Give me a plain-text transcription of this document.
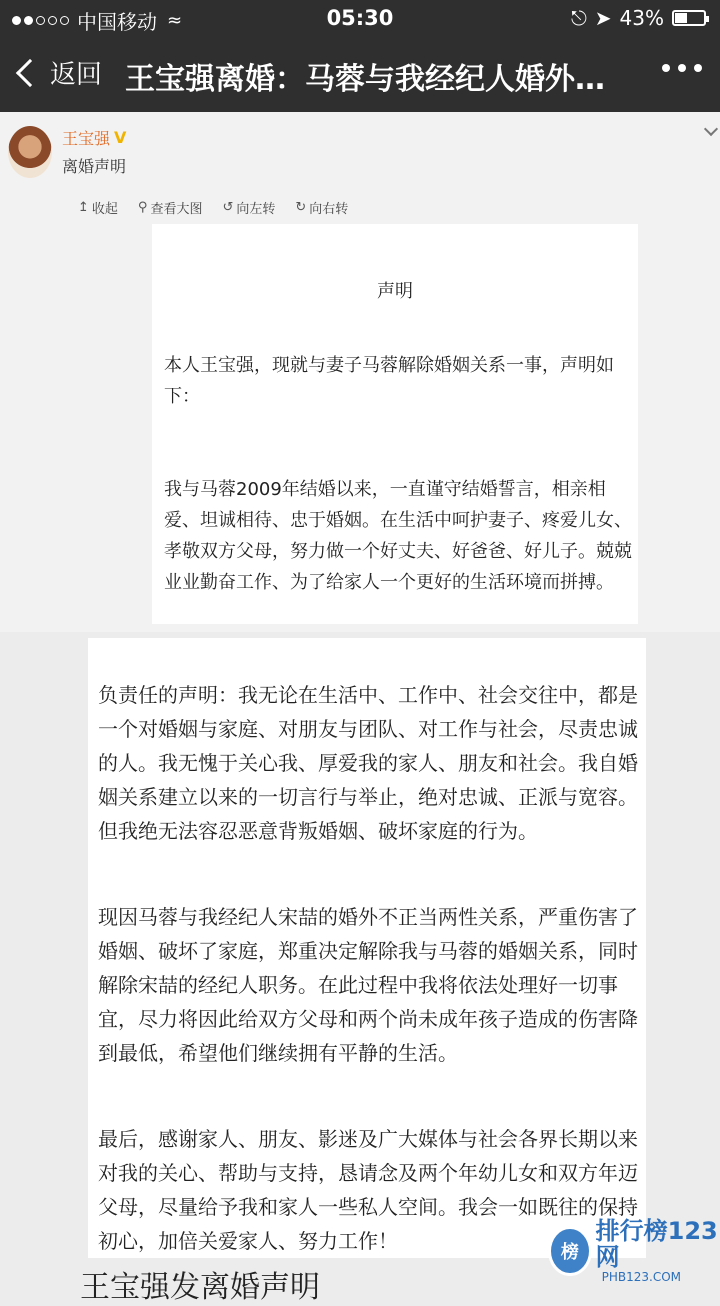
中国移动 ≈	05:30	⎋ ➤ 43%
返回 王宝强离婚：马蓉与我经纪人婚外…
王宝强 V
离婚声明
↥ 收起 ⚲ 查看大图 ↺ 向左转 ↻ 向右转
声明

本人王宝强，现就与妻子马蓉解除婚姻关系一事，声明如下：

我与马蓉2009年结婚以来，一直谨守结婚誓言，相亲相爱、坦诚相待、忠于婚姻。在生活中呵护妻子、疼爱儿女、孝敬双方父母，努力做一个好丈夫、好爸爸、好儿子。兢兢业业勤奋工作、为了给家人一个更好的生活环境而拼搏。

负责任的声明：我无论在生活中、工作中、社会交往中，都是一个对婚姻与家庭、对朋友与团队、对工作与社会，尽责忠诚的人。我无愧于关心我、厚爱我的家人、朋友和社会。我自婚姻关系建立以来的一切言行与举止，绝对忠诚、正派与宽容。但我绝无法容忍恶意背叛婚姻、破坏家庭的行为。

现因马蓉与我经纪人宋喆的婚外不正当两性关系，严重伤害了婚姻、破坏了家庭，郑重决定解除我与马蓉的婚姻关系，同时解除宋喆的经纪人职务。在此过程中我将依法处理好一切事宜，尽力将因此给双方父母和两个尚未成年孩子造成的伤害降到最低，希望他们继续拥有平静的生活。

最后，感谢家人、朋友、影迷及广大媒体与社会各界长期以来对我的关心、帮助与支持，恳请念及两个年幼儿女和双方年迈父母，尽量给予我和家人一些私人空间。我会一如既往的保持初心，加倍关爱家人、努力工作！	榜
排行榜123网
PHB123.COM
王宝强发离婚声明
